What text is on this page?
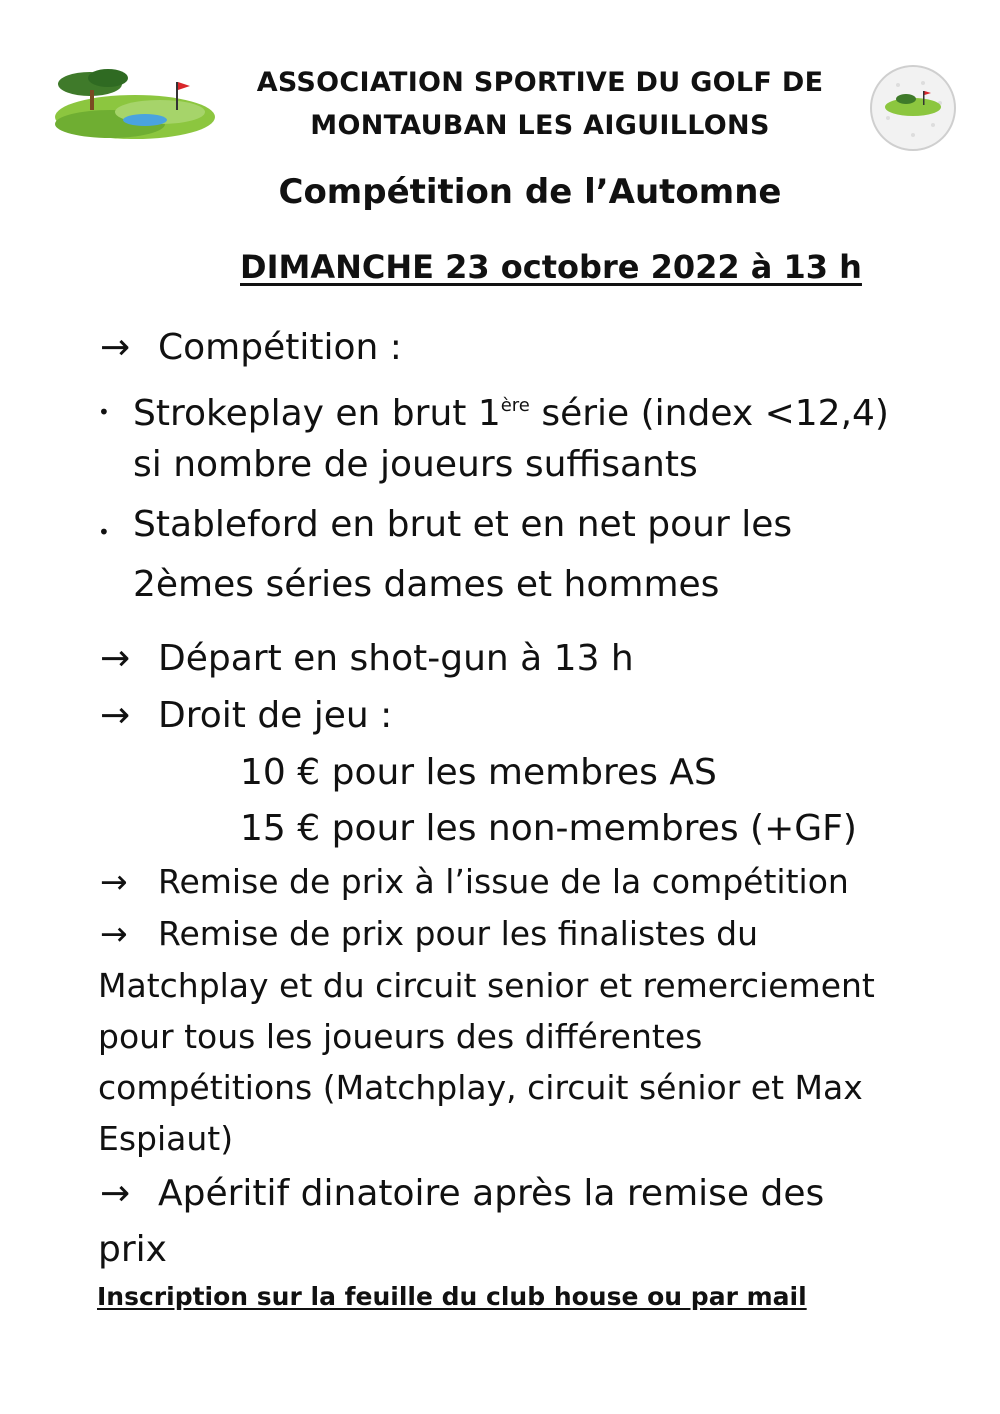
ASSOCIATION SPORTIVE DU GOLF DE
MONTAUBAN LES AIGUILLONS
Compétition de l’Automne
DIMANCHE 23 octobre 2022 à 13 h
→ Compétition :
• Strokeplay en brut 1ère série (index <12,4)
si nombre de joueurs suffisants
• Stableford en brut et en net pour les
2èmes séries dames et hommes
→ Départ en shot-gun à 13 h
→ Droit de jeu :
10 € pour les membres AS
15 € pour les non-membres (+GF)
→ Remise de prix à l’issue de la compétition
→ Remise de prix pour les finalistes du
Matchplay et du circuit senior et remerciement
pour tous les joueurs des différentes
compétitions (Matchplay, circuit sénior et Max
Espiaut)
→ Apéritif dinatoire après la remise des
prix
Inscription sur la feuille du club house ou par mail
